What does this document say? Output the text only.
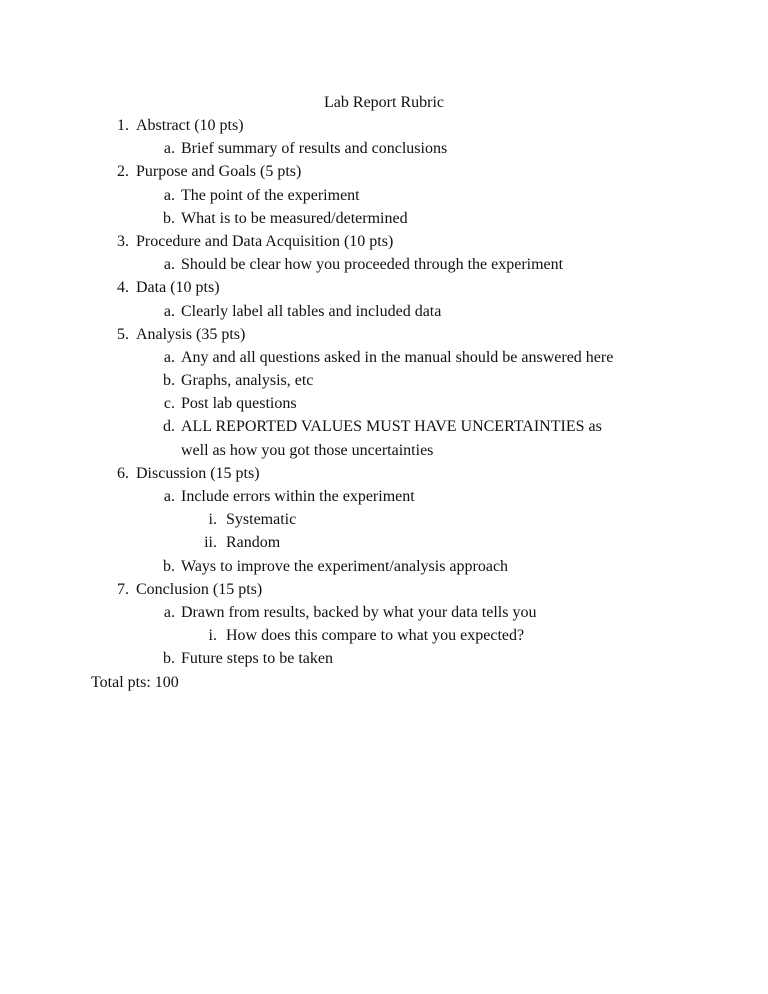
Lab Report Rubric
1. Abstract (10 pts)
a. Brief summary of results and conclusions
2. Purpose and Goals (5 pts)
a. The point of the experiment
b. What is to be measured/determined
3. Procedure and Data Acquisition (10 pts)
a. Should be clear how you proceeded through the experiment
4. Data (10 pts)
a. Clearly label all tables and included data
5. Analysis (35 pts)
a. Any and all questions asked in the manual should be answered here
b. Graphs, analysis, etc
c. Post lab questions
d. ALL REPORTED VALUES MUST HAVE UNCERTAINTIES as
well as how you got those uncertainties
6. Discussion (15 pts)
a. Include errors within the experiment
i. Systematic
ii. Random
b. Ways to improve the experiment/analysis approach
7. Conclusion (15 pts)
a. Drawn from results, backed by what your data tells you
i. How does this compare to what you expected?
b. Future steps to be taken
Total pts: 100
